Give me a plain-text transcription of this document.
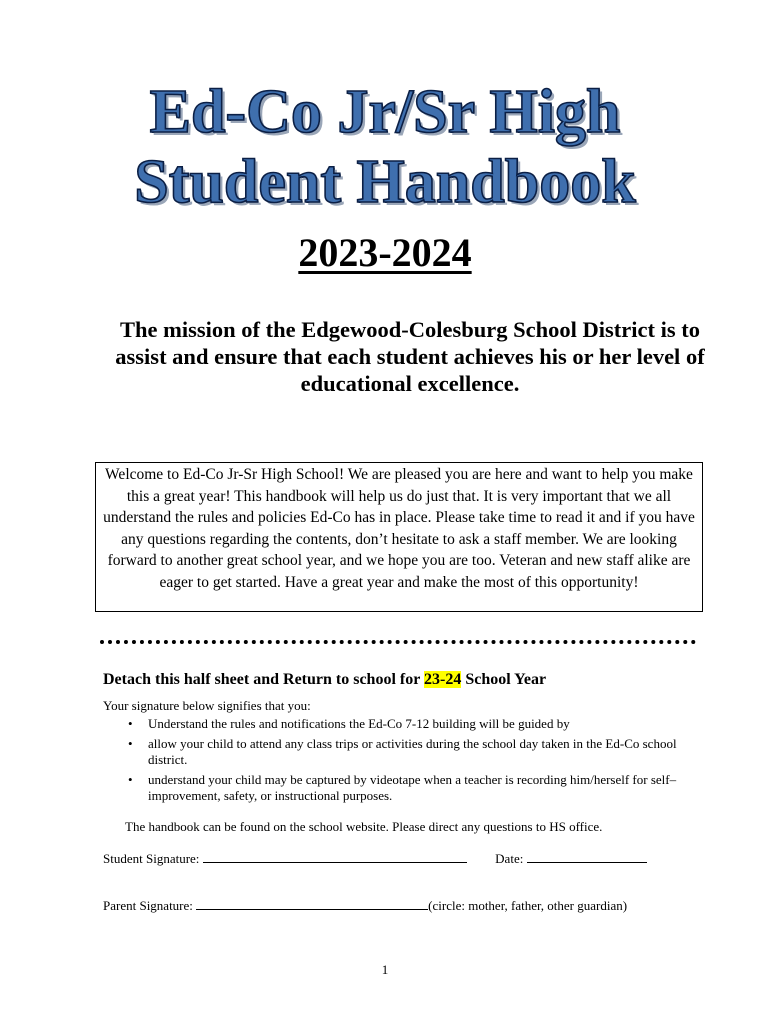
Ed-Co Jr/Sr High
Student Handbook
2023-2024
The mission of the Edgewood-Colesburg School District is to assist and ensure that each student achieves his or her level of educational excellence.
Welcome to Ed-Co Jr-Sr High School! We are pleased you are here and want to help you make this a great year! This handbook will help us do just that. It is very important that we all understand the rules and policies Ed-Co has in place. Please take time to read it and if you have any questions regarding the contents, don’t hesitate to ask a staff member. We are looking forward to another great school year, and we hope you are too. Veteran and new staff alike are eager to get started. Have a great year and make the most of this opportunity!
Detach this half sheet and Return to school for 23-24 School Year
Your signature below signifies that you:
• Understand the rules and notifications the Ed-Co 7-12 building will be guided by
• allow your child to attend any class trips or activities during the school day taken in the Ed-Co school district.
• understand your child may be captured by videotape when a teacher is recording him/herself for self–improvement, safety, or instructional purposes.
The handbook can be found on the school website. Please direct any questions to HS office.
Student Signature:	Date:
Parent Signature:	(circle: mother, father, other guardian)
1
